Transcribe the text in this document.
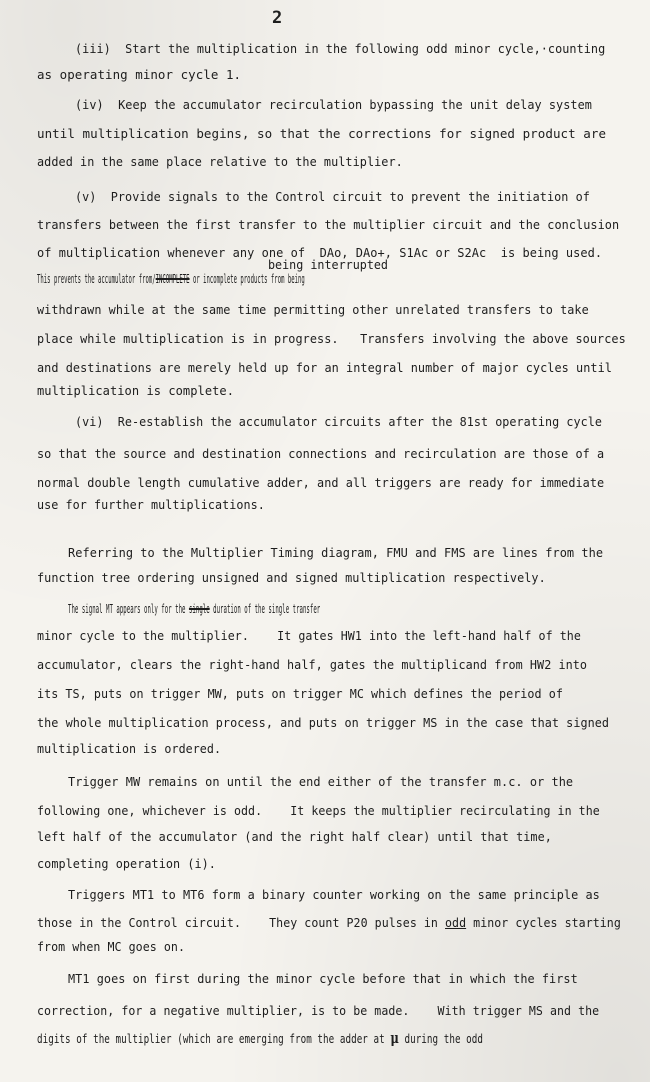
2
being interrupted
(iii)  Start the multiplication in the following odd minor cycle,·counting
as operating minor cycle 1.
(iv)  Keep the accumulator recirculation bypassing the unit delay system
until multiplication begins, so that the corrections for signed product are
added in the same place relative to the multiplier.
(v)  Provide signals to the Control circuit to prevent the initiation of
transfers between the first transfer to the multiplier circuit and the conclusion
of multiplication whenever any one of  DAo, DAo+, S1Ac or S2Ac  is being used.
This prevents the accumulator from/INCOMPLETE or incomplete products from being
withdrawn while at the same time permitting other unrelated transfers to take
place while multiplication is in progress.   Transfers involving the above sources
and destinations are merely held up for an integral number of major cycles until
multiplication is complete.
(vi)  Re-establish the accumulator circuits after the 81st operating cycle
so that the source and destination connections and recirculation are those of a
normal double length cumulative adder, and all triggers are ready for immediate
use for further multiplications.
Referring to the Multiplier Timing diagram, FMU and FMS are lines from the
function tree ordering unsigned and signed multiplication respectively.
The signal MT appears only for the single duration of the single transfer
minor cycle to the multiplier.    It gates HW1 into the left-hand half of the
accumulator, clears the right-hand half, gates the multiplicand from HW2 into
its TS, puts on trigger MW, puts on trigger MC which defines the period of
the whole multiplication process, and puts on trigger MS in the case that signed
multiplication is ordered.
Trigger MW remains on until the end either of the transfer m.c. or the
following one, whichever is odd.    It keeps the multiplier recirculating in the
left half of the accumulator (and the right half clear) until that time,
completing operation (i).
Triggers MT1 to MT6 form a binary counter working on the same principle as
those in the Control circuit.    They count P20 pulses in odd minor cycles starting
from when MC goes on.
MT1 goes on first during the minor cycle before that in which the first
correction, for a negative multiplier, is to be made.    With trigger MS and the
digits of the multiplier (which are emerging from the adder at μ during the odd
